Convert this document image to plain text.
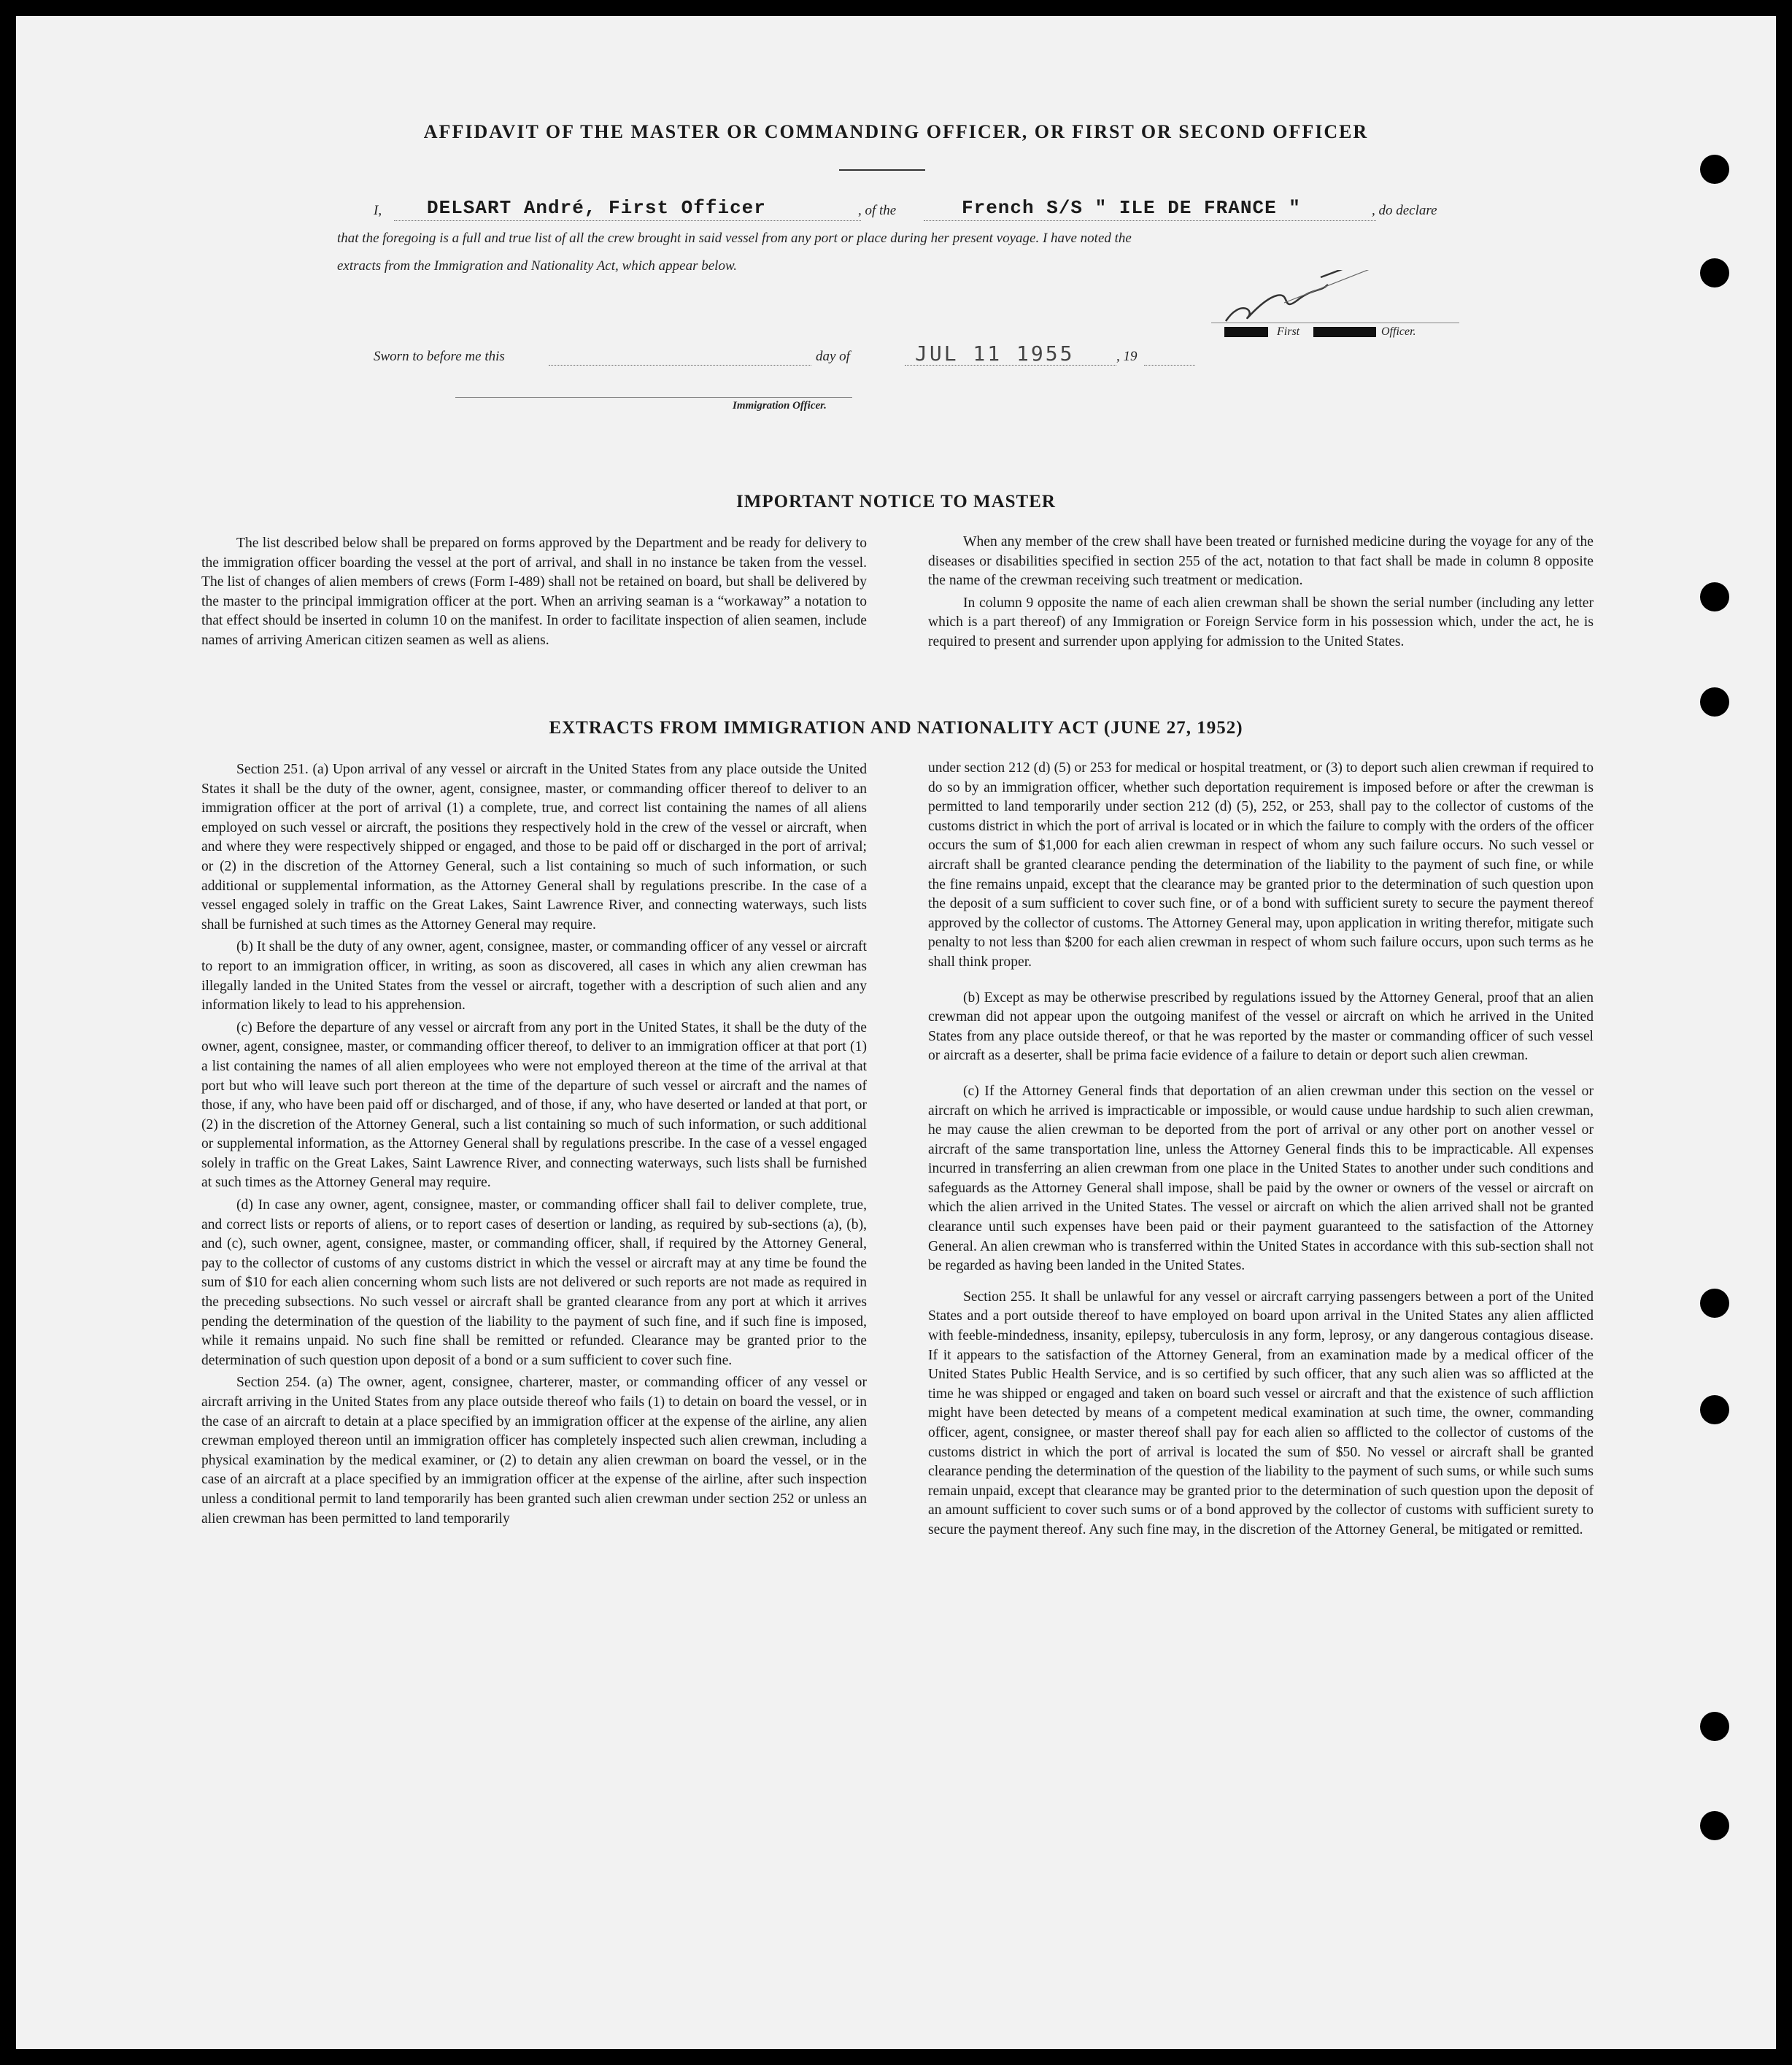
AFFIDAVIT OF THE MASTER OR COMMANDING OFFICER, OR FIRST OR SECOND OFFICER
I, DELSART André, First Officer	, of the	French S/S " ILE DE FRANCE "	, do declare
that the foregoing is a full and true list of all the crew brought in said vessel from any port or place during her present voyage. I have noted the
extracts from the Immigration and Nationality Act, which appear below.
First	Officer.
Sworn to before me this	day of	JUL 11 1955	, 19
Immigration Officer.
IMPORTANT NOTICE TO MASTER

The list described below shall be prepared on forms approved by the Department and be ready for delivery to the immigration officer boarding the vessel at the port of arrival, and shall in no instance be taken from the vessel. The list of changes of alien members of crews (Form I-489) shall not be retained on board, but shall be delivered by the master to the principal immigration officer at the port. When an arriving seaman is a “workaway” a notation to that effect should be inserted in column 10 on the manifest. In order to facilitate inspection of alien seamen, include names of arriving American citizen seamen as well as aliens.

When any member of the crew shall have been treated or furnished medicine during the voyage for any of the diseases or disabilities specified in section 255 of the act, notation to that fact shall be made in column 8 opposite the name of the crewman receiving such treatment or medication.

In column 9 opposite the name of each alien crewman shall be shown the serial number (including any letter which is a part thereof) of any Immigration or Foreign Service form in his possession which, under the act, he is required to present and surrender upon applying for admission to the United States.

EXTRACTS FROM IMMIGRATION AND NATIONALITY ACT (JUNE 27, 1952)

Section 251. (a) Upon arrival of any vessel or aircraft in the United States from any place outside the United States it shall be the duty of the owner, agent, consignee, master, or commanding officer thereof to deliver to an immigration officer at the port of arrival (1) a complete, true, and correct list containing the names of all aliens employed on such vessel or aircraft, the positions they respectively hold in the crew of the vessel or aircraft, when and where they were respectively shipped or engaged, and those to be paid off or discharged in the port of arrival; or (2) in the discretion of the Attorney General, such a list containing so much of such information, or such additional or supplemental information, as the Attorney General shall by regulations prescribe. In the case of a vessel engaged solely in traffic on the Great Lakes, Saint Lawrence River, and connecting waterways, such lists shall be furnished at such times as the Attorney General may require.

(b) It shall be the duty of any owner, agent, consignee, master, or commanding officer of any vessel or aircraft to report to an immigration officer, in writing, as soon as discovered, all cases in which any alien crewman has illegally landed in the United States from the vessel or aircraft, together with a description of such alien and any information likely to lead to his apprehension.

(c) Before the departure of any vessel or aircraft from any port in the United States, it shall be the duty of the owner, agent, consignee, master, or commanding officer thereof, to deliver to an immigration officer at that port (1) a list containing the names of all alien employees who were not employed thereon at the time of the arrival at that port but who will leave such port thereon at the time of the departure of such vessel or aircraft and the names of those, if any, who have been paid off or discharged, and of those, if any, who have deserted or landed at that port, or (2) in the discretion of the Attorney General, such a list containing so much of such information, or such additional or supplemental information, as the Attorney General shall by regulations prescribe. In the case of a vessel engaged solely in traffic on the Great Lakes, Saint Lawrence River, and connecting waterways, such lists shall be furnished at such times as the Attorney General may require.

(d) In case any owner, agent, consignee, master, or commanding officer shall fail to deliver complete, true, and correct lists or reports of aliens, or to report cases of desertion or landing, as required by sub-sections (a), (b), and (c), such owner, agent, consignee, master, or commanding officer, shall, if required by the Attorney General, pay to the collector of customs of any customs district in which the vessel or aircraft may at any time be found the sum of $10 for each alien concerning whom such lists are not delivered or such reports are not made as required in the preceding subsections. No such vessel or aircraft shall be granted clearance from any port at which it arrives pending the determination of the question of the liability to the payment of such fine, and if such fine is imposed, while it remains unpaid. No such fine shall be remitted or refunded. Clearance may be granted prior to the determination of such question upon deposit of a bond or a sum sufficient to cover such fine.

Section 254. (a) The owner, agent, consignee, charterer, master, or commanding officer of any vessel or aircraft arriving in the United States from any place outside thereof who fails (1) to detain on board the vessel, or in the case of an aircraft to detain at a place specified by an immigration officer at the expense of the airline, any alien crewman employed thereon until an immigration officer has completely inspected such alien crewman, including a physical examination by the medical examiner, or (2) to detain any alien crewman on board the vessel, or in the case of an aircraft at a place specified by an immigration officer at the expense of the airline, after such inspection unless a conditional permit to land temporarily has been granted such alien crewman under section 252 or unless an alien crewman has been permitted to land temporarily

under section 212 (d) (5) or 253 for medical or hospital treatment, or (3) to deport such alien crewman if required to do so by an immigration officer, whether such deportation requirement is imposed before or after the crewman is permitted to land temporarily under section 212 (d) (5), 252, or 253, shall pay to the collector of customs of the customs district in which the port of arrival is located or in which the failure to comply with the orders of the officer occurs the sum of $1,000 for each alien crewman in respect of whom any such failure occurs. No such vessel or aircraft shall be granted clearance pending the determination of the liability to the payment of such fine, or while the fine remains unpaid, except that the clearance may be granted prior to the determination of such question upon the deposit of a sum sufficient to cover such fine, or of a bond with sufficient surety to secure the payment thereof approved by the collector of customs. The Attorney General may, upon application in writing therefor, mitigate such penalty to not less than $200 for each alien crewman in respect of whom such failure occurs, upon such terms as he shall think proper.

(b) Except as may be otherwise prescribed by regulations issued by the Attorney General, proof that an alien crewman did not appear upon the outgoing manifest of the vessel or aircraft on which he arrived in the United States from any place outside thereof, or that he was reported by the master or commanding officer of such vessel or aircraft as a deserter, shall be prima facie evidence of a failure to detain or deport such alien crewman.

(c) If the Attorney General finds that deportation of an alien crewman under this section on the vessel or aircraft on which he arrived is impracticable or impossible, or would cause undue hardship to such alien crewman, he may cause the alien crewman to be deported from the port of arrival or any other port on another vessel or aircraft of the same transportation line, unless the Attorney General finds this to be impracticable. All expenses incurred in transferring an alien crewman from one place in the United States to another under such conditions and safeguards as the Attorney General shall impose, shall be paid by the owner or owners of the vessel or aircraft on which the alien arrived in the United States. The vessel or aircraft on which the alien arrived shall not be granted clearance until such expenses have been paid or their payment guaranteed to the satisfaction of the Attorney General. An alien crewman who is transferred within the United States in accordance with this sub-section shall not be regarded as having been landed in the United States.

Section 255. It shall be unlawful for any vessel or aircraft carrying passengers between a port of the United States and a port outside thereof to have employed on board upon arrival in the United States any alien afflicted with feeble-mindedness, insanity, epilepsy, tuberculosis in any form, leprosy, or any dangerous contagious disease. If it appears to the satisfaction of the Attorney General, from an examination made by a medical officer of the United States Public Health Service, and is so certified by such officer, that any such alien was so afflicted at the time he was shipped or engaged and taken on board such vessel or aircraft and that the existence of such affliction might have been detected by means of a competent medical examination at such time, the owner, commanding officer, agent, consignee, or master thereof shall pay for each alien so afflicted to the collector of customs of the customs district in which the port of arrival is located the sum of $50. No vessel or aircraft shall be granted clearance pending the determination of the question of the liability to the payment of such sums, or while such sums remain unpaid, except that clearance may be granted prior to the determination of such question upon the deposit of an amount sufficient to cover such sums or of a bond approved by the collector of customs with sufficient surety to secure the payment thereof. Any such fine may, in the discretion of the Attorney General, be mitigated or remitted.
